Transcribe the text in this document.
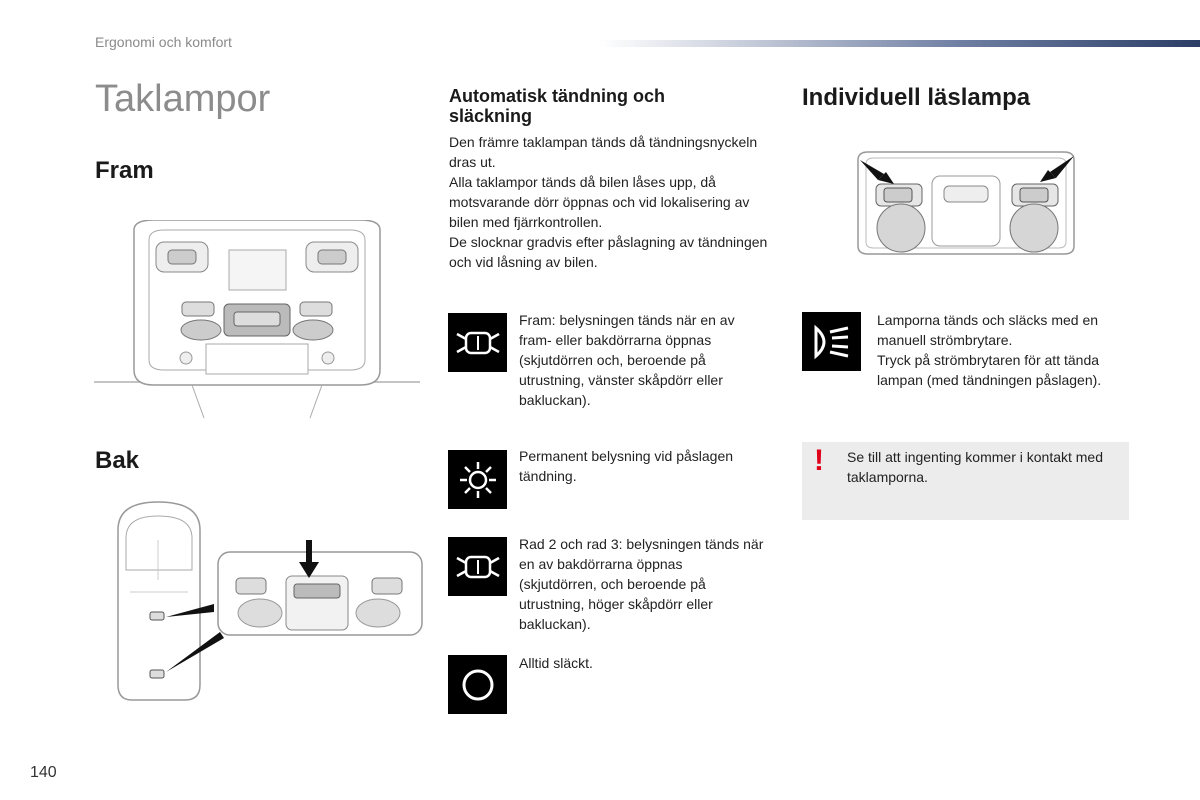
Ergonomi och komfort
Taklampor
Fram
Bak
Automatisk tändning och släckning

Den främre taklampan tänds då tändningsnyckeln dras ut.

Alla taklampor tänds då bilen låses upp, då motsvarande dörr öppnas och vid lokalisering av bilen med fjärrkontrollen.

De slocknar gradvis efter påslagning av tändningen och vid låsning av bilen.

Fram: belysningen tänds när en av fram- eller bakdörrarna öppnas (skjutdörren och, beroende på utrustning, vänster skåpdörr eller bakluckan).

Permanent belysning vid påslagen tändning.

Rad 2 och rad 3: belysningen tänds när en av bakdörrarna öppnas (skjutdörren, och beroende på utrustning, höger skåpdörr eller bakluckan).

Alltid släckt.

Individuell läslampa

Lamporna tänds och släcks med en manuell strömbrytare.

Tryck på strömbrytaren för att tända lampan (med tändningen påslagen).

! Se till att ingenting kommer i kontakt med taklamporna.

140
